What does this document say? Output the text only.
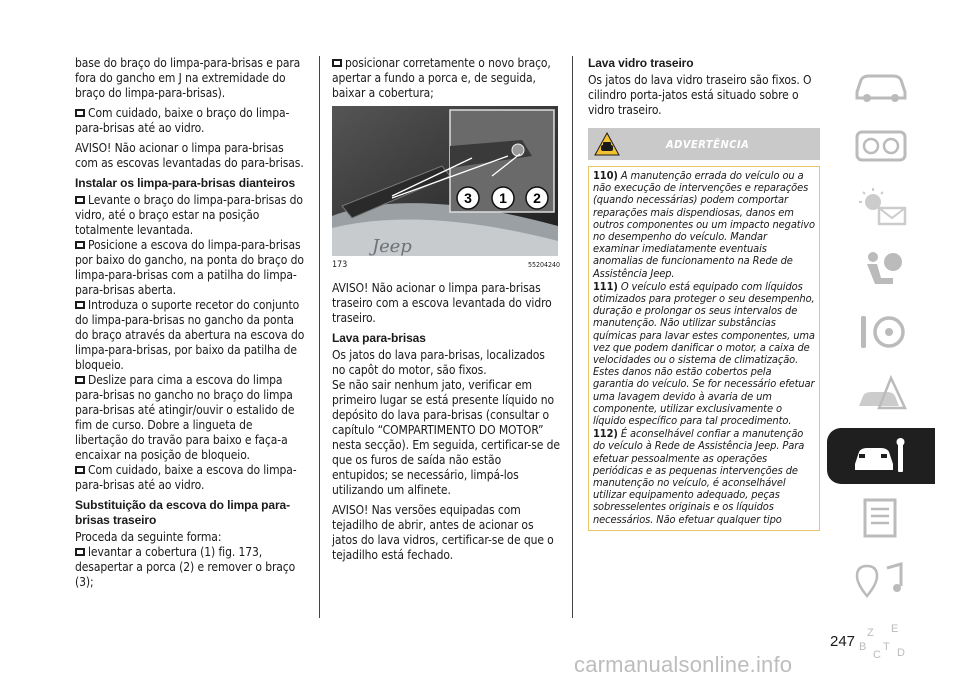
base do braço do limpa-para-brisas e para fora do gancho em J na extremidade do braço do limpa-para-brisas).

Com cuidado, baixe o braço do limpa-para-brisas até ao vidro.

AVISO! Não acionar o limpa para-brisas com as escovas levantadas do para-brisas.

Instalar os limpa-para-brisas dianteiros

Levante o braço do limpa-para-brisas do vidro, até o braço estar na posição totalmente levantada.

Posicione a escova do limpa-para-brisas por baixo do gancho, na ponta do braço do limpa-para-brisas com a patilha do limpa-para-brisas aberta.

Introduza o suporte recetor do conjunto do limpa-para-brisas no gancho da ponta do braço através da abertura na escova do limpa-para-brisas, por baixo da patilha de bloqueio.

Deslize para cima a escova do limpa para-brisas no gancho no braço do limpa para-brisas até atingir/ouvir o estalido de fim de curso. Dobre a lingueta de libertação do travão para baixo e faça-a encaixar na posição de bloqueio.

Com cuidado, baixe a escova do limpa-para-brisas até ao vidro.

Substituição da escova do limpa para-brisas traseiro

Proceda da seguinte forma:

levantar a cobertura (1) fig. 173, desapertar a porca (2) e remover o braço (3);

posicionar corretamente o novo braço, apertar a fundo a porca e, de seguida, baixar a cobertura;

Jeep
3 1 2
173	55204240

AVISO! Não acionar o limpa para-brisas traseiro com a escova levantada do vidro traseiro.

Lava para-brisas

Os jatos do lava para-brisas, localizados no capôt do motor, são fixos.

Se não sair nenhum jato, verificar em primeiro lugar se está presente líquido no depósito do lava para-brisas (consultar o capítulo “COMPARTIMENTO DO MOTOR” nesta secção). Em seguida, certificar-se de que os furos de saída não estão entupidos; se necessário, limpá-los utilizando um alfinete.

AVISO! Nas versões equipadas com tejadilho de abrir, antes de acionar os jatos do lava vidros, certificar-se de que o tejadilho está fechado.

Lava vidro traseiro

Os jatos do lava vidro traseiro são fixos. O cilindro porta-jatos está situado sobre o vidro traseiro.

ADVERTÊNCIA

110) A manutenção errada do veículo ou a não execução de intervenções e reparações (quando necessárias) podem comportar reparações mais dispendiosas, danos em outros componentes ou um impacto negativo no desempenho do veículo. Mandar examinar imediatamente eventuais anomalias de funcionamento na Rede de Assistência Jeep.

111) O veículo está equipado com líquidos otimizados para proteger o seu desempenho, duração e prolongar os seus intervalos de manutenção. Não utilizar substâncias químicas para lavar estes componentes, uma vez que podem danificar o motor, a caixa de velocidades ou o sistema de climatização. Estes danos não estão cobertos pela garantia do veículo. Se for necessário efetuar uma lavagem devido à avaria de um componente, utilizar exclusivamente o líquido específico para tal procedimento.

112) É aconselhável confiar a manutenção do veículo à Rede de Assistência Jeep. Para efetuar pessoalmente as operações periódicas e as pequenas intervenções de manutenção no veículo, é aconselhável utilizar equipamento adequado, peças sobresselentes originais e os líquidos necessários. Não efetuar qualquer tipo

Z E
B
C
T D
247
carmanualsonline.info
